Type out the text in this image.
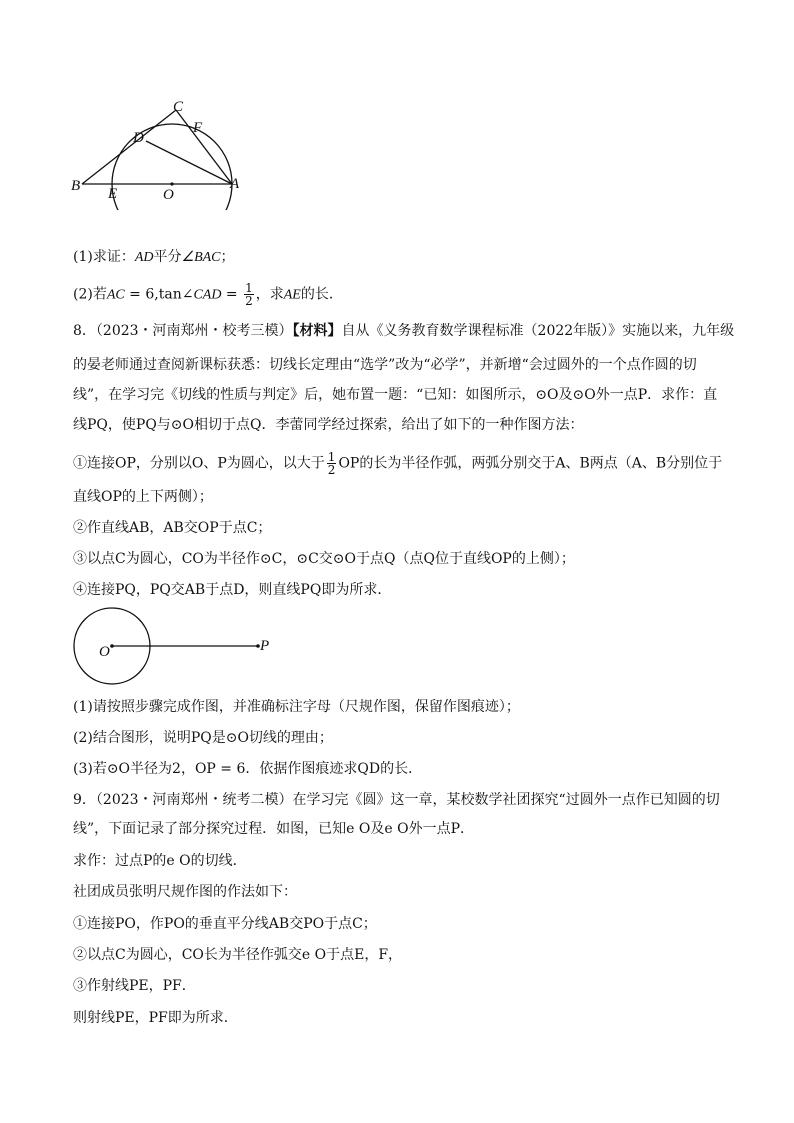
C
D
F
B E	O
A
(1)求证：AD平分∠BAC；
(2)若AC = 6,tan∠CAD = $\frac{1}{2}$ ，求AE的长．
8．（2023・河南郑州・校考三模）【材料】自从《义务教育数学课程标准（2022年版）》实施以来，九年级
的晏老师通过查阅新课标获悉：切线长定理由“选学”改为“必学”，并新增“会过圆外的一个点作圆的切
线”，在学习完《切线的性质与判定》后，她布置一题：“已知：如图所示，⊙O及⊙O外一点P．求作：直
线PQ，使PQ与⊙O相切于点Q．李蕾同学经过探索，给出了如下的一种作图方法：
①连接OP，分别以O、P为圆心，以大于 $\frac{1}{2}$ OP的长为半径作弧，两弧分别交于A、B两点（A、B分别位于
直线OP的上下两侧）；
②作直线AB，AB交OP于点C；
③以点C为圆心，CO为半径作⊙C，⊙C交⊙O于点Q（点Q位于直线OP的上侧）；
④连接PQ，PQ交AB于点D，则直线PQ即为所求．
O	P
(1)请按照步骤完成作图，并准确标注字母（尺规作图，保留作图痕迹）；
(2)结合图形，说明PQ是⊙O切线的理由；
(3)若⊙O半径为2，OP = 6．依据作图痕迹求QD的长．
9．（2023・河南郑州・统考二模）在学习完《圆》这一章，某校数学社团探究“过圆外一点作已知圆的切
线”，下面记录了部分探究过程．如图，已知e O及e O外一点P．
求作：过点P的e O的切线．
社团成员张明尺规作图的作法如下：
①连接PO，作PO的垂直平分线AB交PO于点C；
②以点C为圆心，CO长为半径作弧交e O于点E，F，
③作射线PE，PF．
则射线PE，PF即为所求．
